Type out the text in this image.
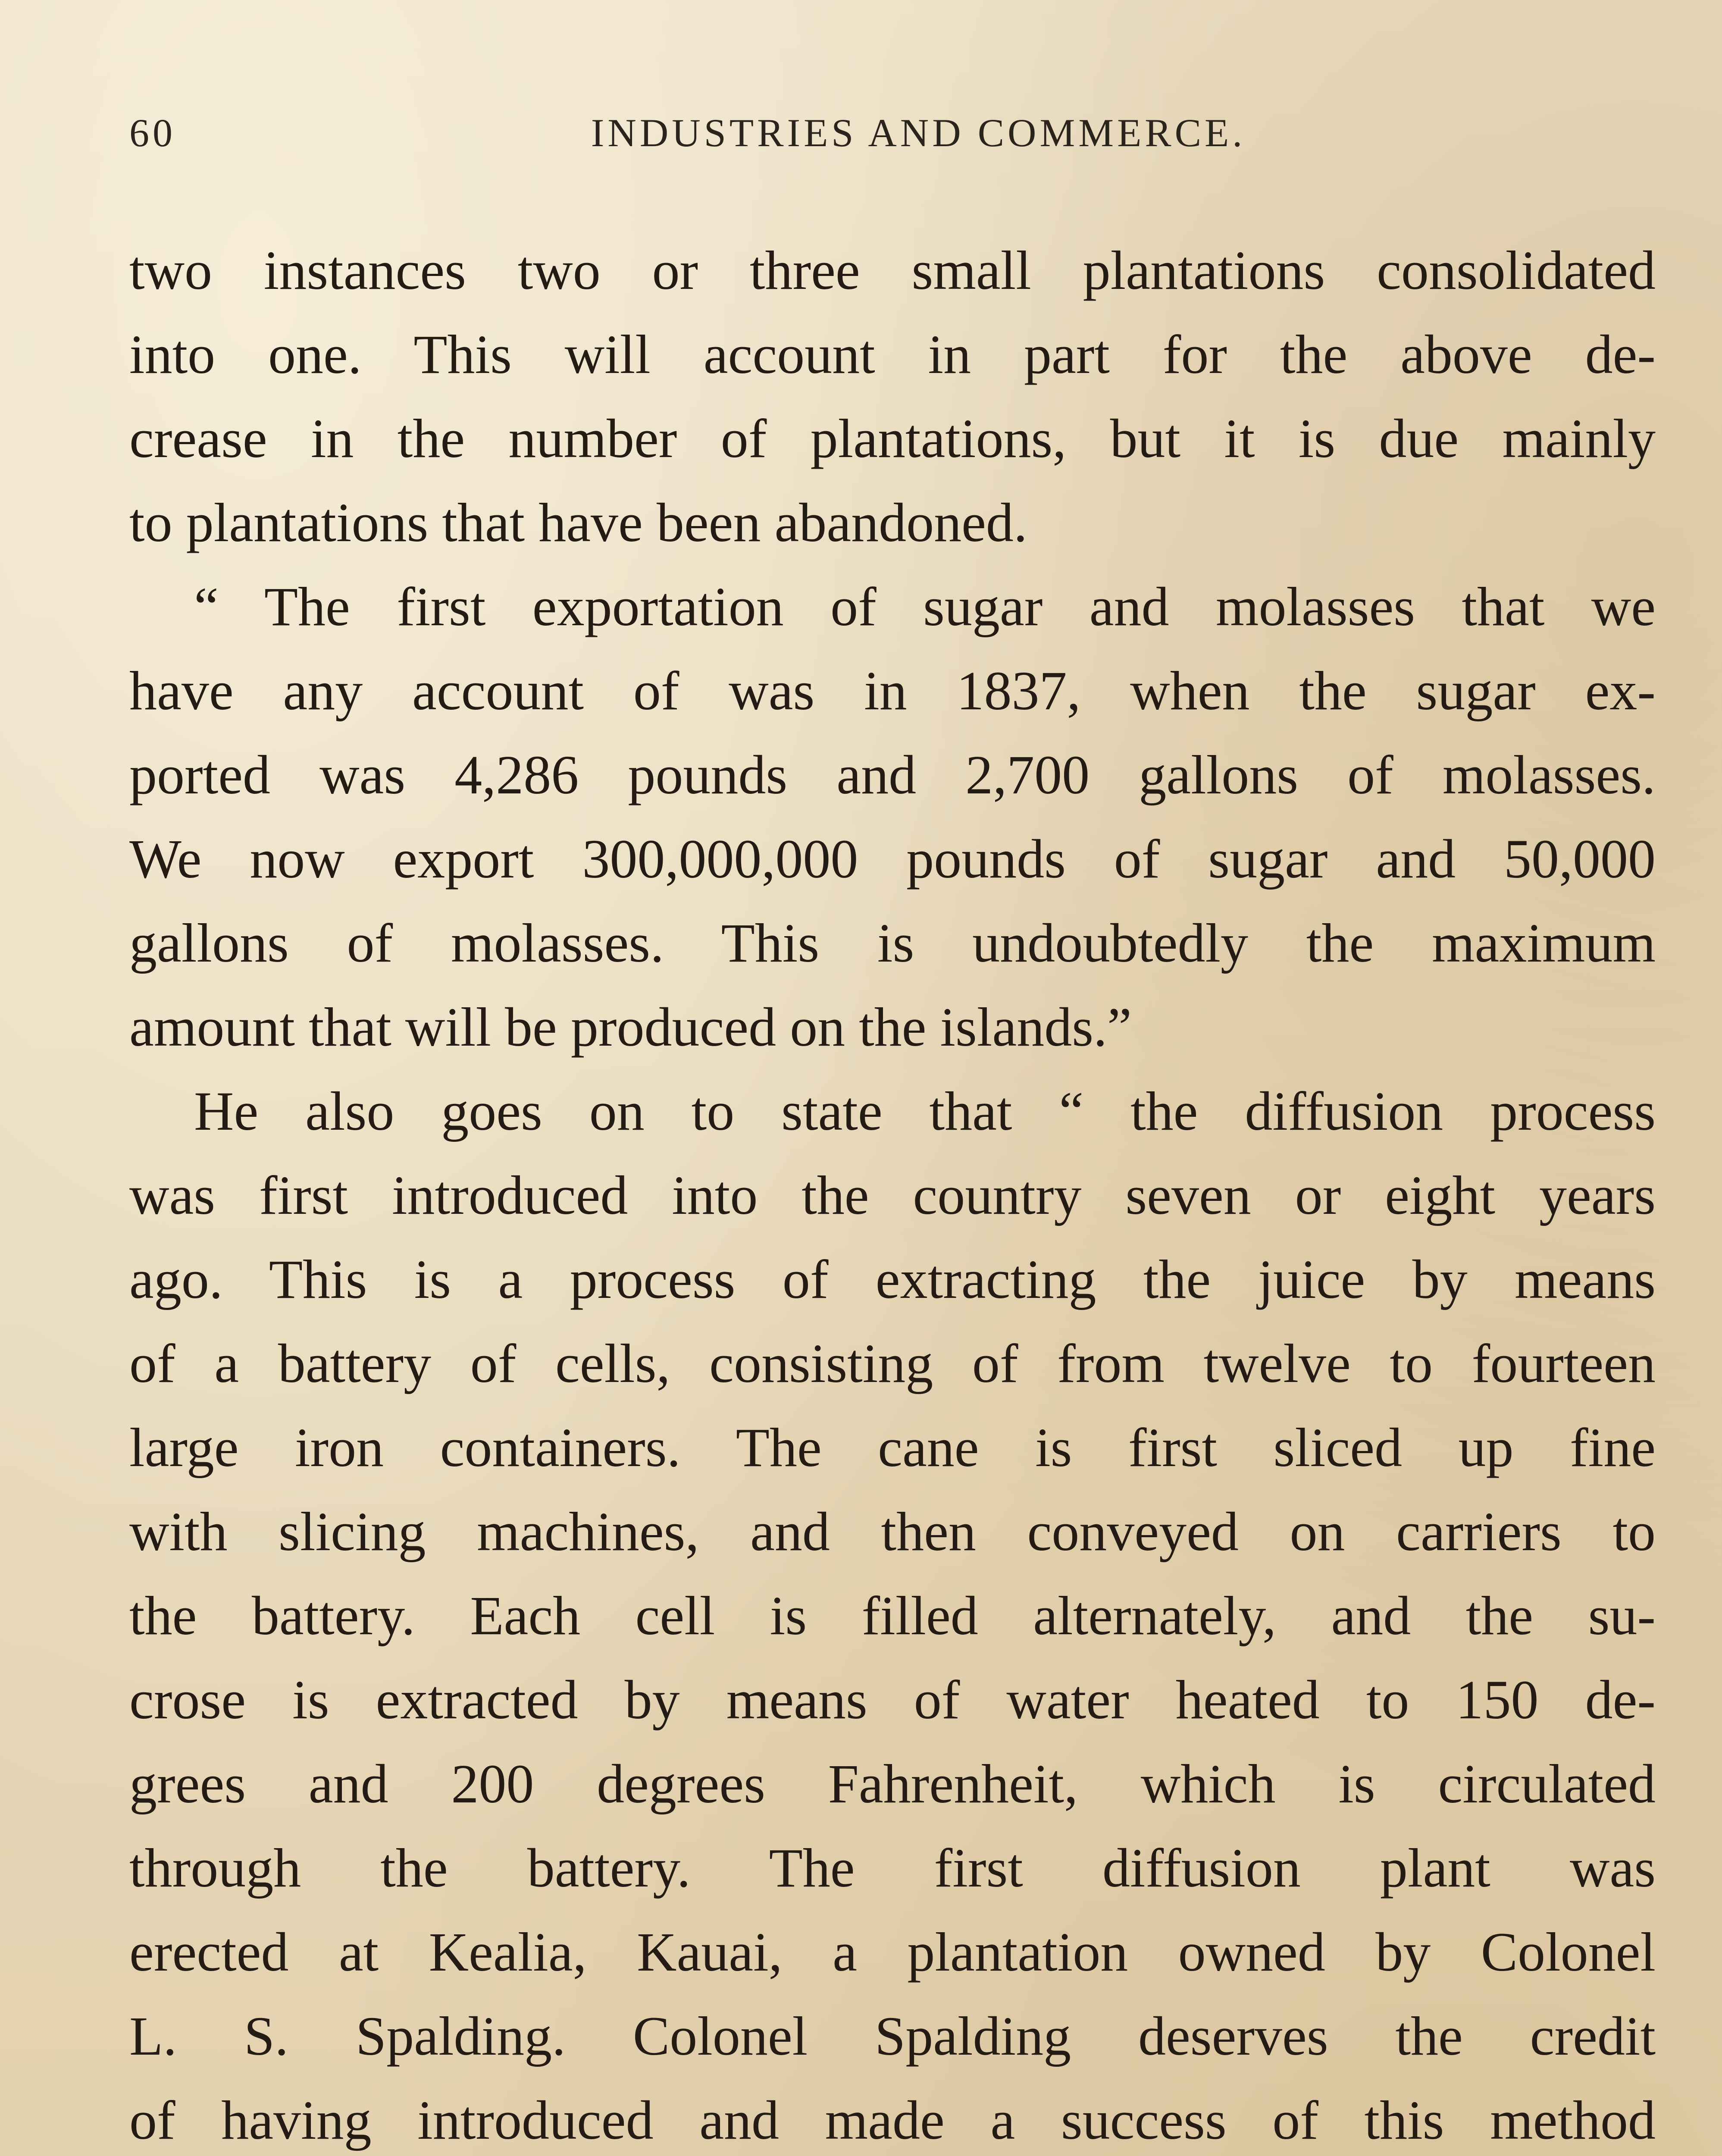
60	INDUSTRIES AND COMMERCE.
two instances two or three small plantations consolidated
into one. This will account in part for the above de-
crease in the number of plantations, but it is due mainly
to plantations that have been abandoned.
“ The first exportation of sugar and molasses that we
have any account of was in 1837, when the sugar ex-
ported was 4,286 pounds and 2,700 gallons of molasses.
We now export 300,000,000 pounds of sugar and 50,000
gallons of molasses. This is undoubtedly the maximum
amount that will be produced on the islands.”
He also goes on to state that “ the diffusion process
was first introduced into the country seven or eight years
ago. This is a process of extracting the juice by means
of a battery of cells, consisting of from twelve to fourteen
large iron containers. The cane is first sliced up fine
with slicing machines, and then conveyed on carriers to
the battery. Each cell is filled alternately, and the su-
crose is extracted by means of water heated to 150 de-
grees and 200 degrees Fahrenheit, which is circulated
through the battery. The first diffusion plant was
erected at Kealia, Kauai, a plantation owned by Colonel
L. S. Spalding. Colonel Spalding deserves the credit
of having introduced and made a success of this method
